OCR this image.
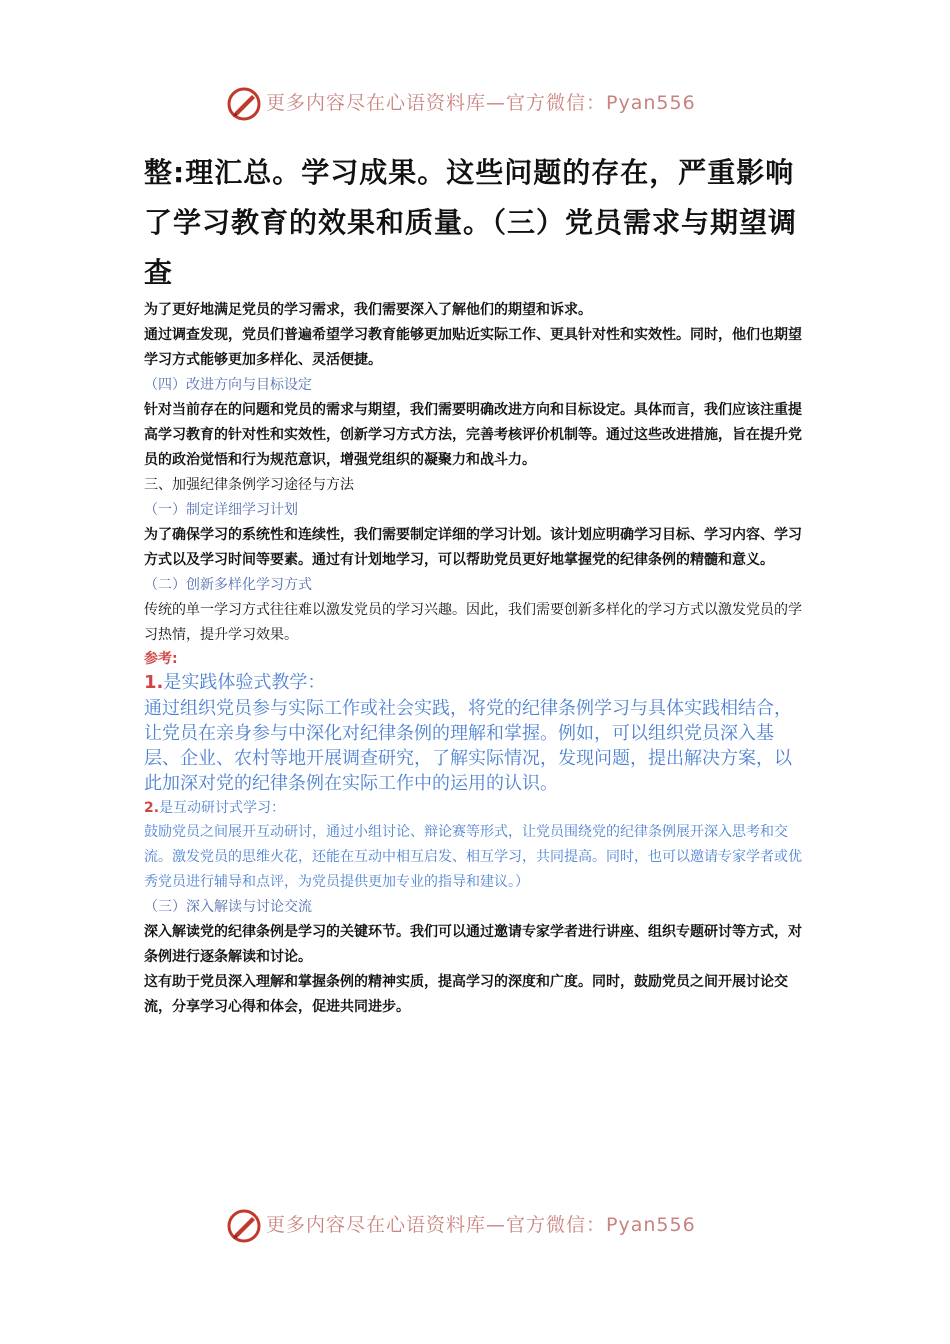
更多内容尽在心语资料库—官方微信：Pyan556

整:理汇总。学习成果。这些问题的存在，严重影响了学习教育的效果和质量。（三）党员需求与期望调查

为了更好地满足党员的学习需求，我们需要深入了解他们的期望和诉求。

通过调查发现，党员们普遍希望学习教育能够更加贴近实际工作、更具针对性和实效性。同时，他们也期望学习方式能够更加多样化、灵活便捷。

（四）改进方向与目标设定

针对当前存在的问题和党员的需求与期望，我们需要明确改进方向和目标设定。具体而言，我们应该注重提高学习教育的针对性和实效性，创新学习方式方法，完善考核评价机制等。通过这些改进措施，旨在提升党员的政治觉悟和行为规范意识，增强党组织的凝聚力和战斗力。

三、加强纪律条例学习途径与方法

（一）制定详细学习计划

为了确保学习的系统性和连续性，我们需要制定详细的学习计划。该计划应明确学习目标、学习内容、学习方式以及学习时间等要素。通过有计划地学习，可以帮助党员更好地掌握党的纪律条例的精髓和意义。

（二）创新多样化学习方式

传统的单一学习方式往往难以激发党员的学习兴趣。因此，我们需要创新多样化的学习方式以激发党员的学习热情，提升学习效果。

参考:

1.是实践体验式教学：

通过组织党员参与实际工作或社会实践，将党的纪律条例学习与具体实践相结合，让党员在亲身参与中深化对纪律条例的理解和掌握。例如，可以组织党员深入基层、企业、农村等地开展调查研究，了解实际情况，发现问题，提出解决方案，以此加深对党的纪律条例在实际工作中的运用的认识。

2.是互动研讨式学习：

鼓励党员之间展开互动研讨，通过小组讨论、辩论赛等形式，让党员围绕党的纪律条例展开深入思考和交流。激发党员的思维火花，还能在互动中相互启发、相互学习，共同提高。同时，也可以邀请专家学者或优秀党员进行辅导和点评，为党员提供更加专业的指导和建议。）

（三）深入解读与讨论交流

深入解读党的纪律条例是学习的关键环节。我们可以通过邀请专家学者进行讲座、组织专题研讨等方式，对条例进行逐条解读和讨论。

这有助于党员深入理解和掌握条例的精神实质，提高学习的深度和广度。同时，鼓励党员之间开展讨论交流，分享学习心得和体会，促进共同进步。

更多内容尽在心语资料库—官方微信：Pyan556
